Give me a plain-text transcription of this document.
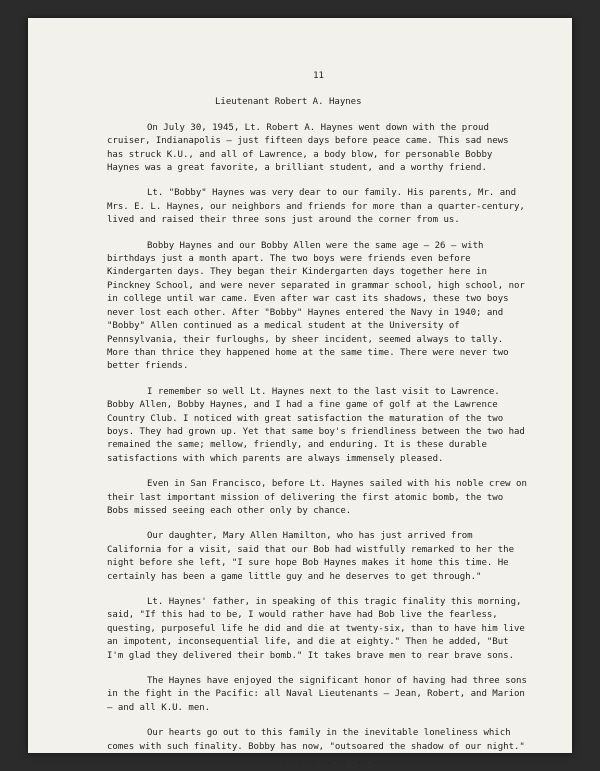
11
Lieutenant Robert A. Haynes

On July 30, 1945, Lt. Robert A. Haynes went down with the proud cruiser, Indianapolis – just fifteen days before peace came. This sad news has struck K.U., and all of Lawrence, a body blow, for personable Bobby Haynes was a great favorite, a brilliant student, and a worthy friend.

Lt. "Bobby" Haynes was very dear to our family. His parents, Mr. and Mrs. E. L. Haynes, our neighbors and friends for more than a quarter-century, lived and raised their three sons just around the corner from us.

Bobby Haynes and our Bobby Allen were the same age – 26 – with birthdays just a month apart. The two boys were friends even before Kindergarten days. They began their Kindergarten days together here in Pinckney School, and were never separated in grammar school, high school, nor in college until war came. Even after war cast its shadows, these two boys never lost each other. After "Bobby" Haynes entered the Navy in 1940; and "Bobby" Allen continued as a medical student at the University of Pennsylvania, their furloughs, by sheer incident, seemed always to tally. More than thrice they happened home at the same time. There were never two better friends.

I remember so well Lt. Haynes next to the last visit to Lawrence. Bobby Allen, Bobby Haynes, and I had a fine game of golf at the Lawrence Country Club. I noticed with great satisfaction the maturation of the two boys. They had grown up. Yet that same boy's friendliness between the two had remained the same; mellow, friendly, and enduring. It is these durable satisfactions with which parents are always immensely pleased.

Even in San Francisco, before Lt. Haynes sailed with his noble crew on their last important mission of delivering the first atomic bomb, the two Bobs missed seeing each other only by chance.

Our daughter, Mary Allen Hamilton, who has just arrived from California for a visit, said that our Bob had wistfully remarked to her the night before she left, "I sure hope Bob Haynes makes it home this time. He certainly has been a game little guy and he deserves to get through."

Lt. Haynes' father, in speaking of this tragic finality this morning, said, "If this had to be, I would rather have had Bob live the fearless, questing, purposeful life he did and die at twenty-six, than to have him live an impotent, inconsequential life, and die at eighty." Then he added, "But I'm glad they delivered their bomb." It takes brave men to rear brave sons.

The Haynes have enjoyed the significant honor of having had three sons in the fight in the Pacific: all Naval Lieutenants – Jean, Robert, and Marion – and all K.U. men.

Our hearts go out to this family in the inevitable loneliness which comes with such finality. Bobby has now, "outsoared the shadow of our night."

- - - - - - -
